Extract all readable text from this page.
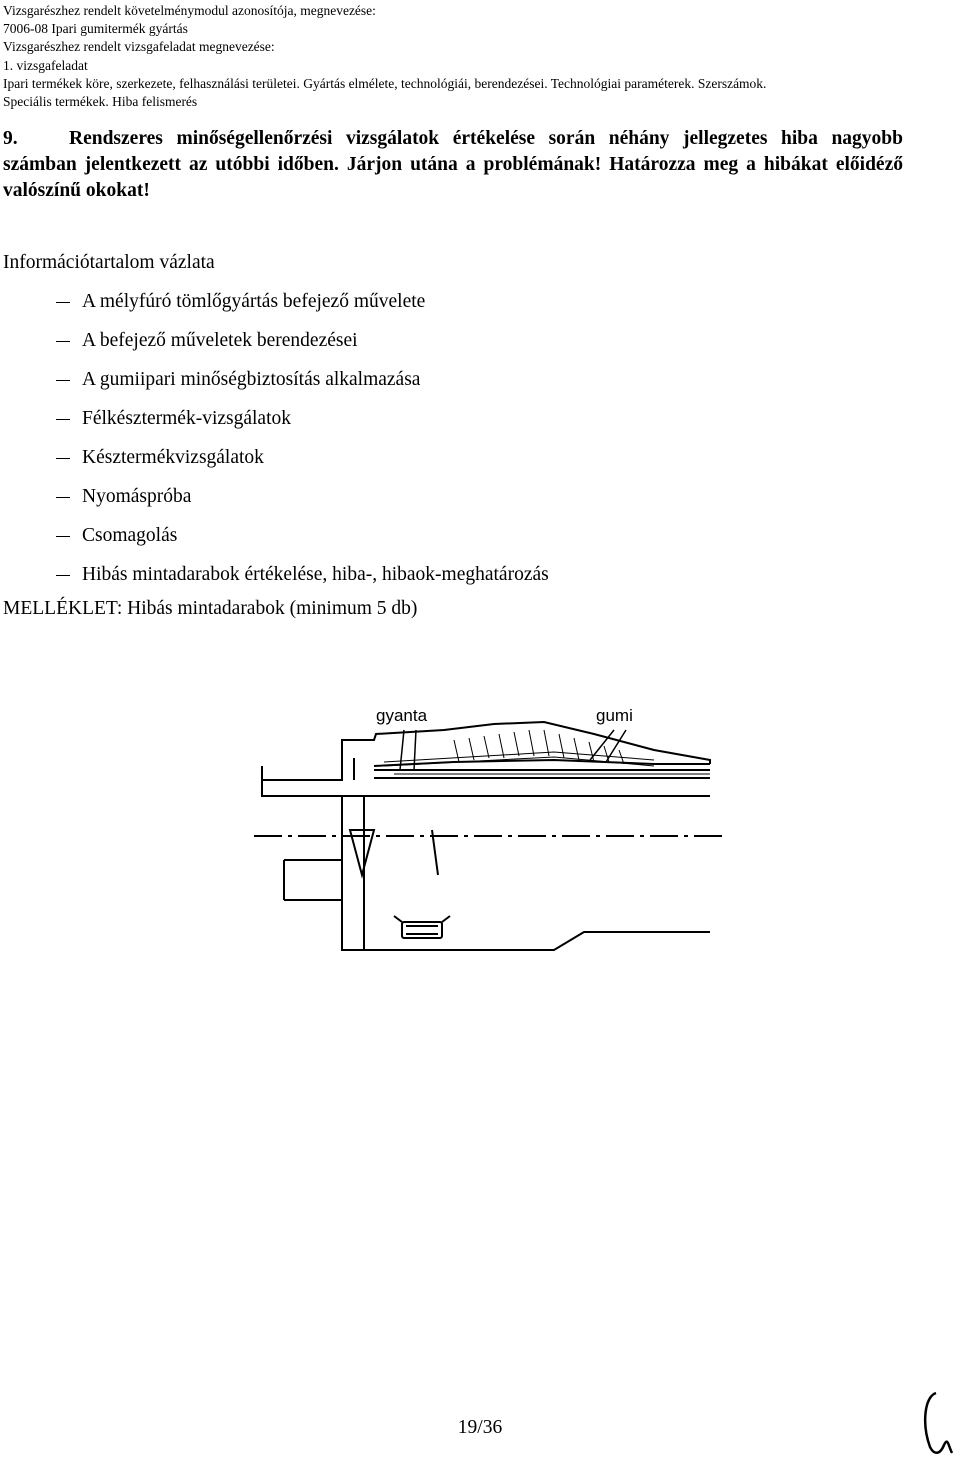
Vizsgarészhez rendelt követelménymodul azonosítója, megnevezése:
7006-08 Ipari gumitermék gyártás
Vizsgarészhez rendelt vizsgafeladat megnevezése:
1. vizsgafeladat
Ipari termékek köre, szerkezete, felhasználási területei. Gyártás elmélete, technológiái, berendezései. Technológiai paraméterek. Szerszámok.
Speciális termékek. Hiba felismerés
9.	Rendszeres minőségellenőrzési vizsgálatok értékelése során néhány jellegzetes hiba nagyobb számban jelentkezett az utóbbi időben. Járjon utána a problémának! Határozza meg a hibákat előidéző valószínű okokat!
Információtartalom vázlata
A mélyfúró tömlőgyártás befejező művelete
A befejező műveletek berendezései
A gumiipari minőségbiztosítás alkalmazása
Félkésztermék-vizsgálatok
Késztermékvizsgálatok
Nyomáspróba
Csomagolás
Hibás mintadarabok értékelése, hiba-, hibaok-meghatározás
MELLÉKLET: Hibás mintadarabok (minimum 5 db)
gyanta	gumi
19/36
